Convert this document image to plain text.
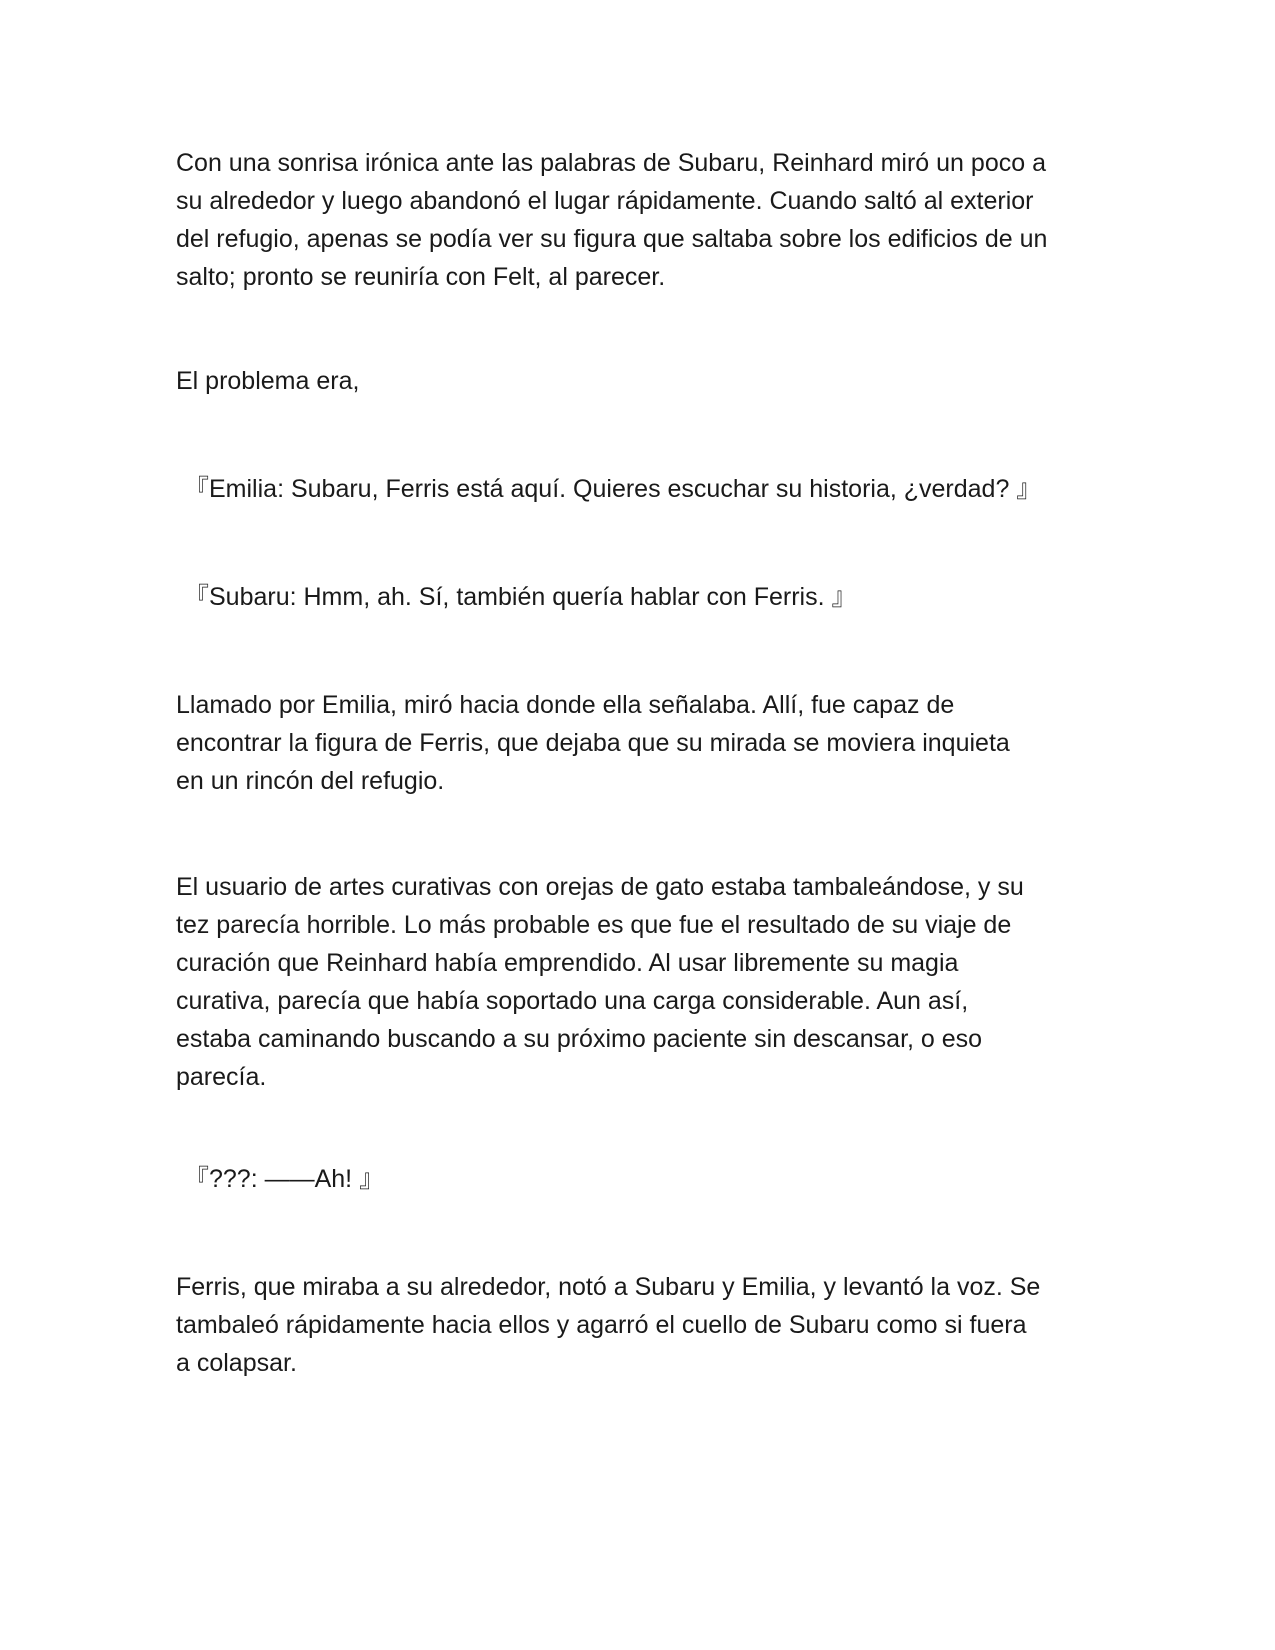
Con una sonrisa irónica ante las palabras de Subaru, Reinhard miró un poco a
su alrededor y luego abandonó el lugar rápidamente. Cuando saltó al exterior
del refugio, apenas se podía ver su figura que saltaba sobre los edificios de un
salto; pronto se reuniría con Felt, al parecer.

El problema era,

『Emilia: Subaru, Ferris está aquí. Quieres escuchar su historia, ¿verdad? 』

『Subaru: Hmm, ah. Sí, también quería hablar con Ferris. 』

Llamado por Emilia, miró hacia donde ella señalaba. Allí, fue capaz de
encontrar la figura de Ferris, que dejaba que su mirada se moviera inquieta
en un rincón del refugio.

El usuario de artes curativas con orejas de gato estaba tambaleándose, y su
tez parecía horrible. Lo más probable es que fue el resultado de su viaje de
curación que Reinhard había emprendido. Al usar libremente su magia
curativa, parecía que había soportado una carga considerable. Aun así,
estaba caminando buscando a su próximo paciente sin descansar, o eso
parecía.

『???: ——Ah! 』

Ferris, que miraba a su alrededor, notó a Subaru y Emilia, y levantó la voz. Se
tambaleó rápidamente hacia ellos y agarró el cuello de Subaru como si fuera
a colapsar.
